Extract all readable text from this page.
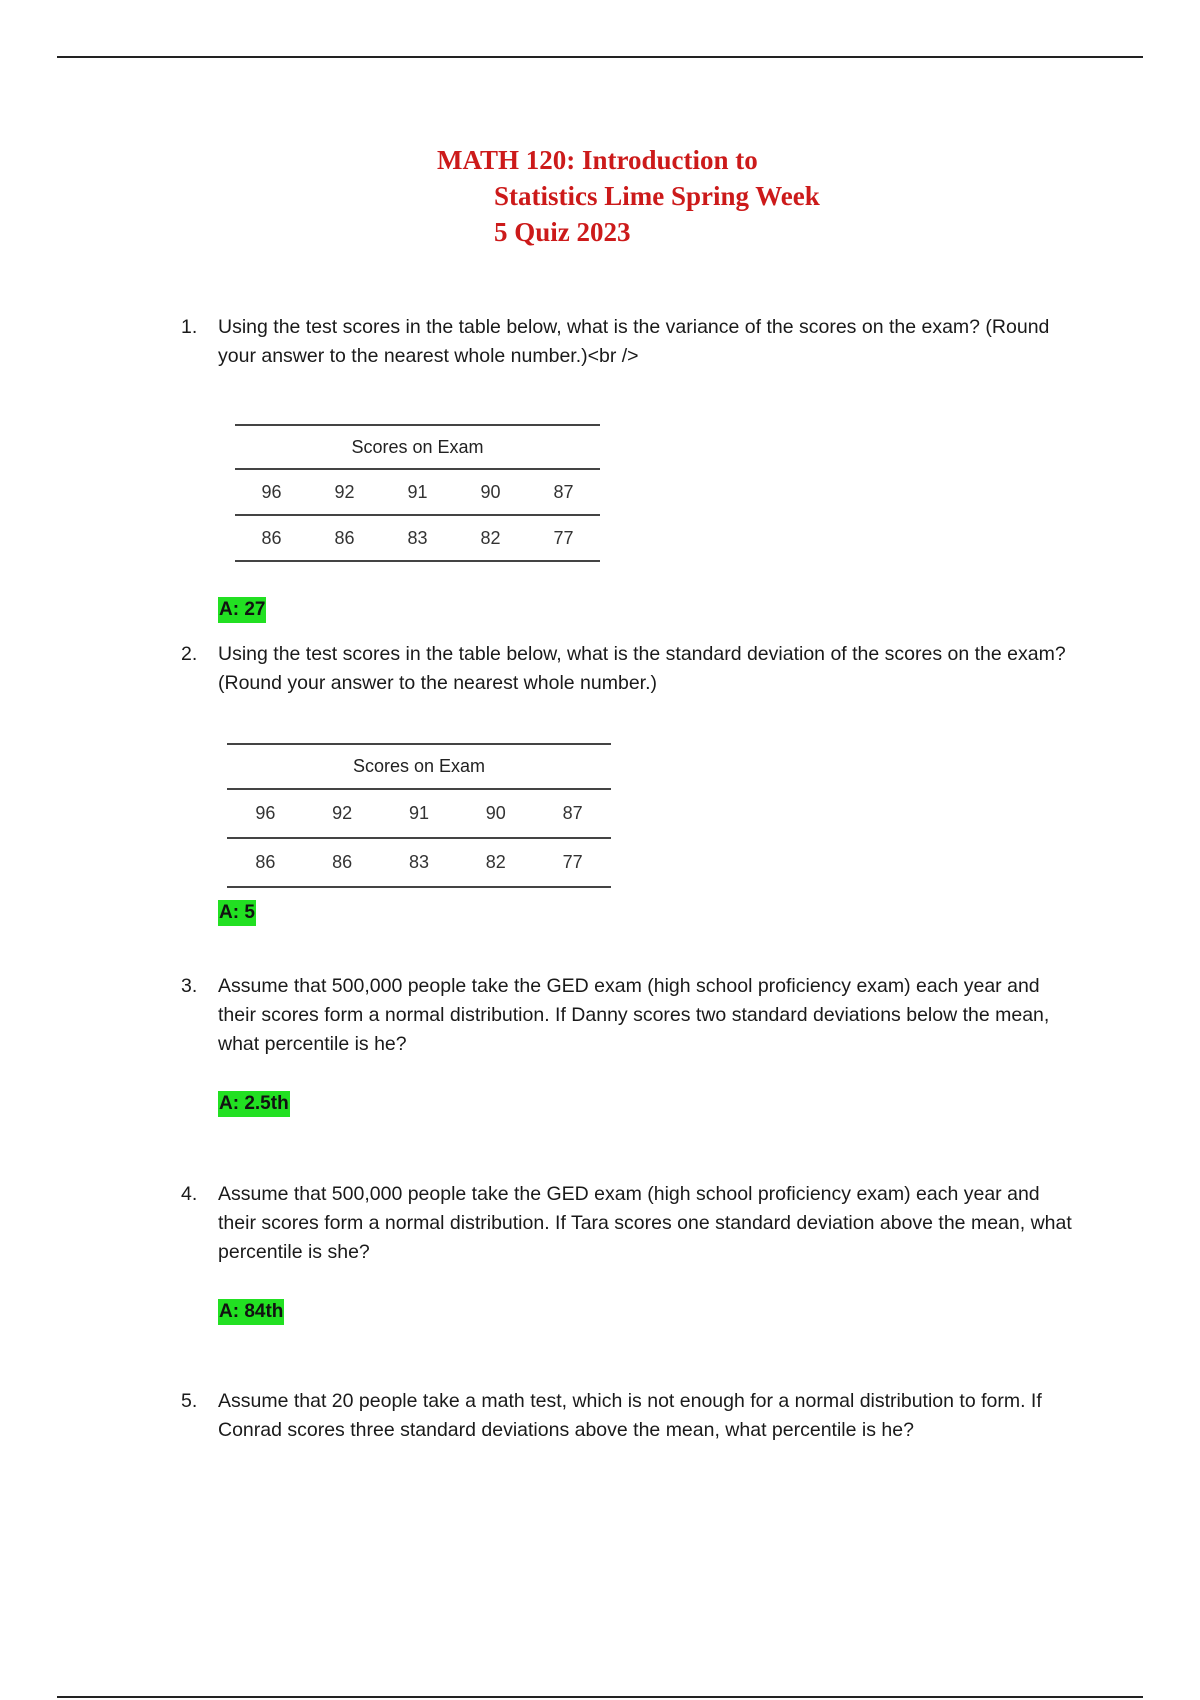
MATH 120: Introduction to
Statistics Lime Spring Week
5 Quiz 2023
1. Using the test scores in the table below, what is the variance of the scores on the exam? (Round your answer to the nearest whole number.)<br />
Scores on Exam				
96	92	91	90	87
86	86	83	82	77
A: 27
2. Using the test scores in the table below, what is the standard deviation of the scores on the exam? (Round your answer to the nearest whole number.)
Scores on Exam				
96	92	91	90	87
86	86	83	82	77
A: 5
3. Assume that 500,000 people take the GED exam (high school proficiency exam) each year and their scores form a normal distribution. If Danny scores two standard deviations below the mean, what percentile is he?
A: 2.5th
4. Assume that 500,000 people take the GED exam (high school proficiency exam) each year and their scores form a normal distribution. If Tara scores one standard deviation above the mean, what percentile is she?
A: 84th
5. Assume that 20 people take a math test, which is not enough for a normal distribution to form. If Conrad scores three standard deviations above the mean, what percentile is he?
